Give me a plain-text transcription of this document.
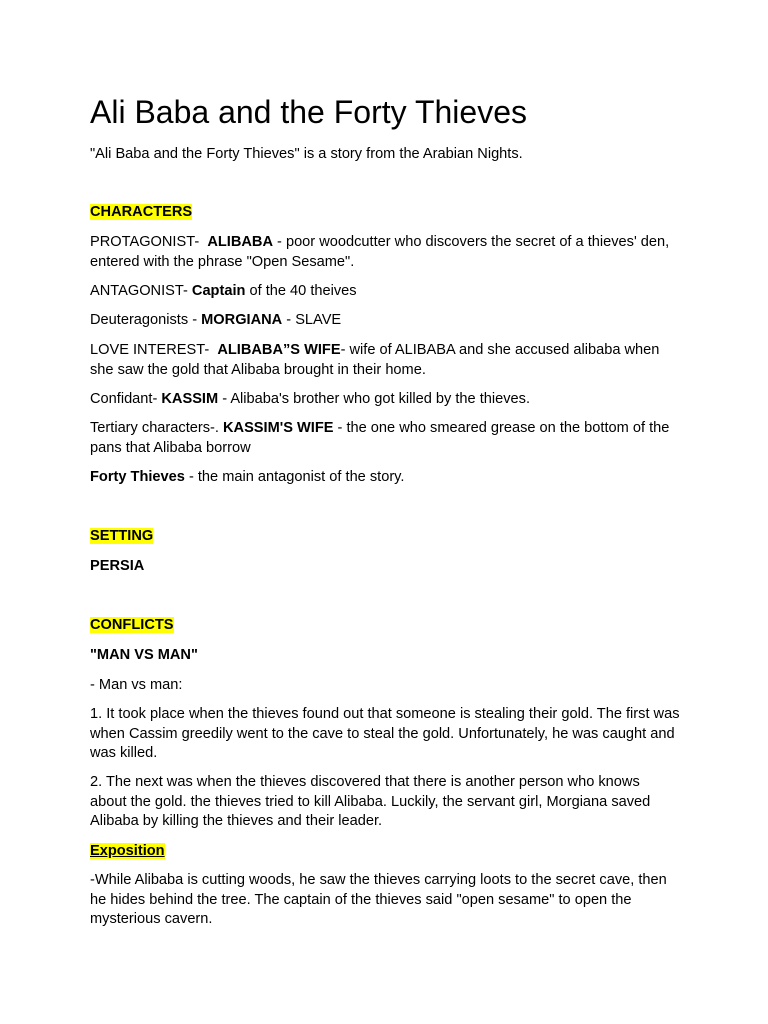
Ali Baba and the Forty Thieves

"Ali Baba and the Forty Thieves" is a story from the Arabian Nights.

CHARACTERS

PROTAGONIST-  ALIBABA - poor woodcutter who discovers the secret of a thieves' den, entered with the phrase "Open Sesame".

ANTAGONIST- Captain of the 40 theives

Deuteragonists - MORGIANA - SLAVE

LOVE INTEREST-  ALIBABA”S WIFE- wife of ALIBABA and she accused alibaba when she saw the gold that Alibaba brought in their home.

Confidant- KASSIM - Alibaba's brother who got killed by the thieves.

Tertiary characters-. KASSIM'S WIFE - the one who smeared grease on the bottom of the pans that Alibaba borrow

Forty Thieves - the main antagonist of the story.

SETTING

PERSIA

CONFLICTS

"MAN VS MAN"

- Man vs man:

1. It took place when the thieves found out that someone is stealing their gold. The first was when Cassim greedily went to the cave to steal the gold. Unfortunately, he was caught and was killed.

2. The next was when the thieves discovered that there is another person who knows about the gold. the thieves tried to kill Alibaba. Luckily, the servant girl, Morgiana saved Alibaba by killing the thieves and their leader.

Exposition

-While Alibaba is cutting woods, he saw the thieves carrying loots to the secret cave, then he hides behind the tree. The captain of the thieves said "open sesame" to open the mysterious cavern.
